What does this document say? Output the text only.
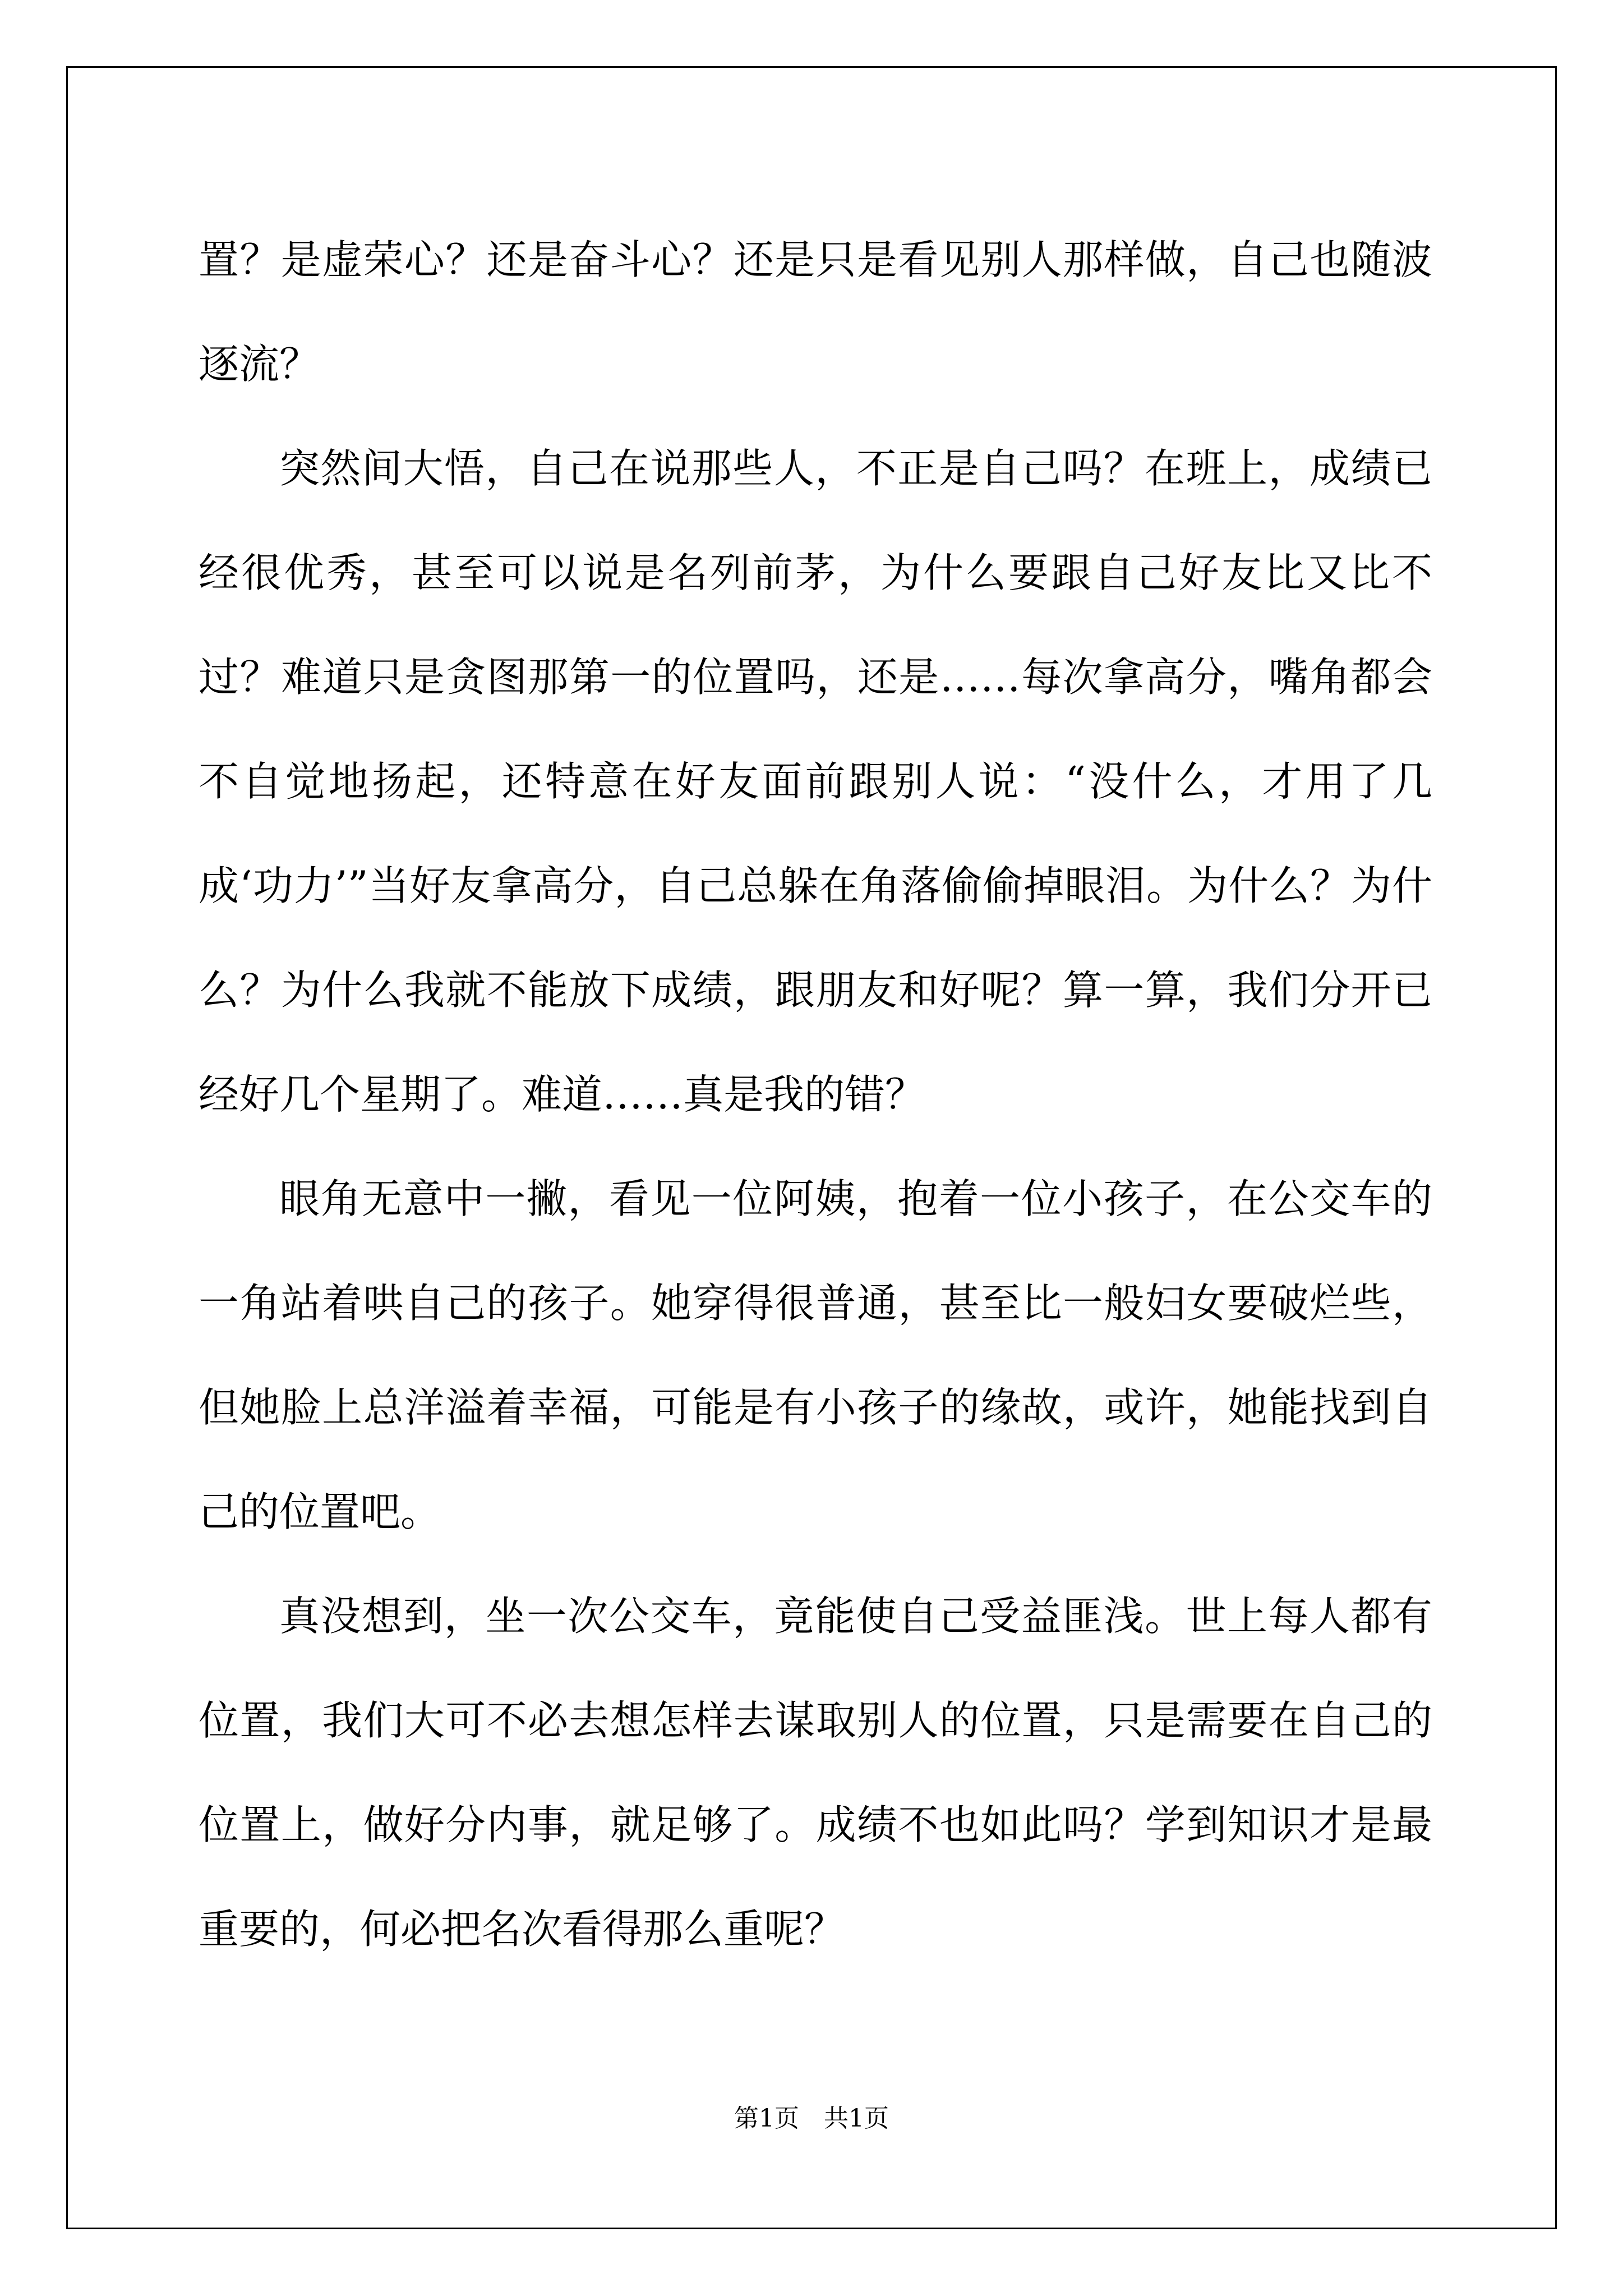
置？是虚荣心？还是奋斗心？还是只是看见别人那样做，自己也随波逐流？

突然间大悟，自己在说那些人，不正是自己吗？在班上，成绩已经很优秀，甚至可以说是名列前茅，为什么要跟自己好友比又比不过？难道只是贪图那第一的位置吗，还是……每次拿高分，嘴角都会不自觉地扬起，还特意在好友面前跟别人说：“没什么，才用了几成‘功力’”当好友拿高分，自己总躲在角落偷偷掉眼泪。为什么？为什么？为什么我就不能放下成绩，跟朋友和好呢？算一算，我们分开已经好几个星期了。难道……真是我的错？

眼角无意中一撇，看见一位阿姨，抱着一位小孩子，在公交车的一角站着哄自己的孩子。她穿得很普通，甚至比一般妇女要破烂些，但她脸上总洋溢着幸福，可能是有小孩子的缘故，或许，她能找到自己的位置吧。

真没想到，坐一次公交车，竟能使自己受益匪浅。世上每人都有位置，我们大可不必去想怎样去谋取别人的位置，只是需要在自己的位置上，做好分内事，就足够了。成绩不也如此吗？学到知识才是最重要的，何必把名次看得那么重呢？

第1页　共1页
